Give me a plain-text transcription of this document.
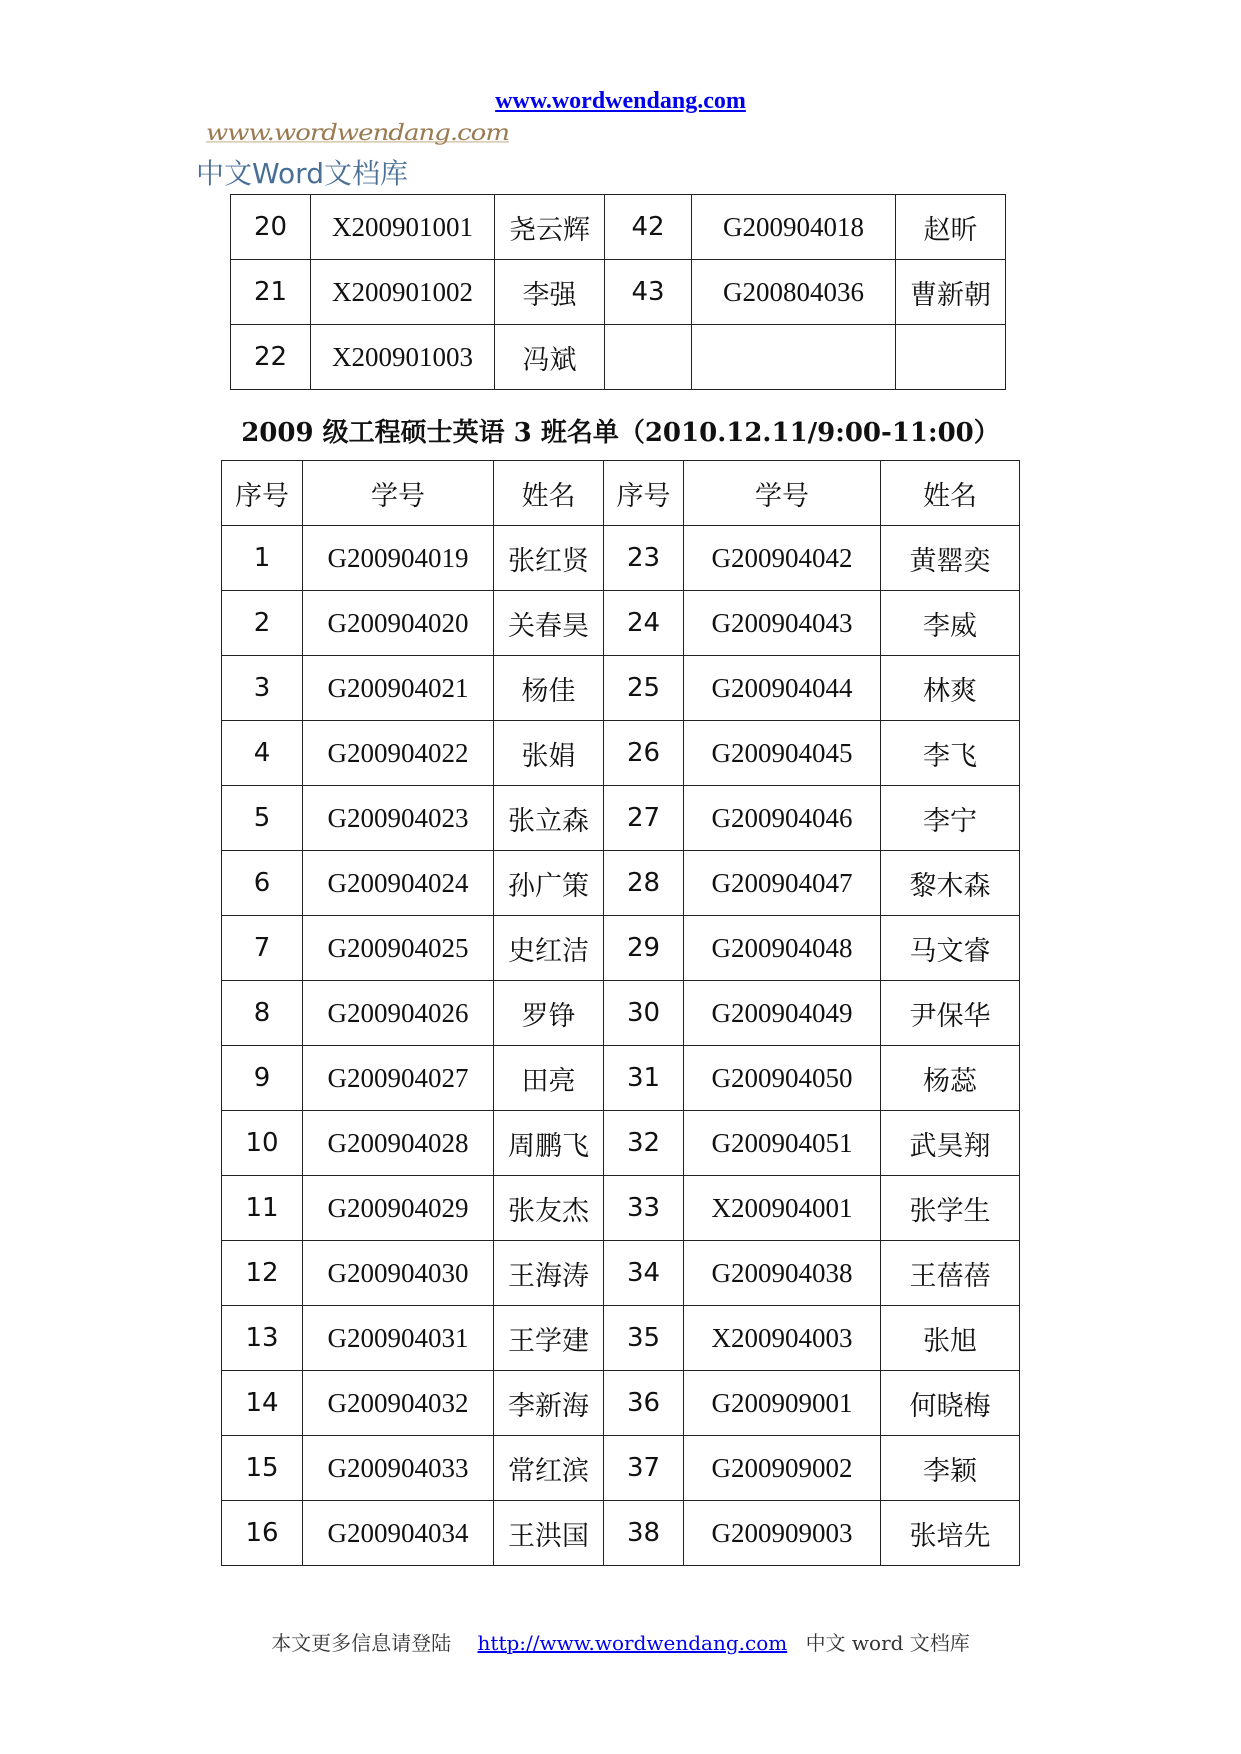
www.wordwendang.com
www.wordwendang.com
中文Word文档库
20	X200901001	尧云辉	42	G200904018	赵昕
21	X200901002	李强	43	G200804036	曹新朝
22	X200901003	冯斌			
2009 级工程硕士英语 3 班名单（2010.12.11/9:00-11:00）
序号	学号	姓名	序号	学号	姓名
1	G200904019	张红贤	23	G200904042	黄罂奕
2	G200904020	关春昊	24	G200904043	李威
3	G200904021	杨佳	25	G200904044	林爽
4	G200904022	张娟	26	G200904045	李飞
5	G200904023	张立森	27	G200904046	李宁
6	G200904024	孙广策	28	G200904047	黎木森
7	G200904025	史红洁	29	G200904048	马文睿
8	G200904026	罗铮	30	G200904049	尹保华
9	G200904027	田亮	31	G200904050	杨蕊
10	G200904028	周鹏飞	32	G200904051	武昊翔
11	G200904029	张友杰	33	X200904001	张学生
12	G200904030	王海涛	34	G200904038	王蓓蓓
13	G200904031	王学建	35	X200904003	张旭
14	G200904032	李新海	36	G200909001	何晓梅
15	G200904033	常红滨	37	G200909002	李颖
16	G200904034	王洪国	38	G200909003	张培先
本文更多信息请登陆 http://www.wordwendang.com 中文 word 文档库
